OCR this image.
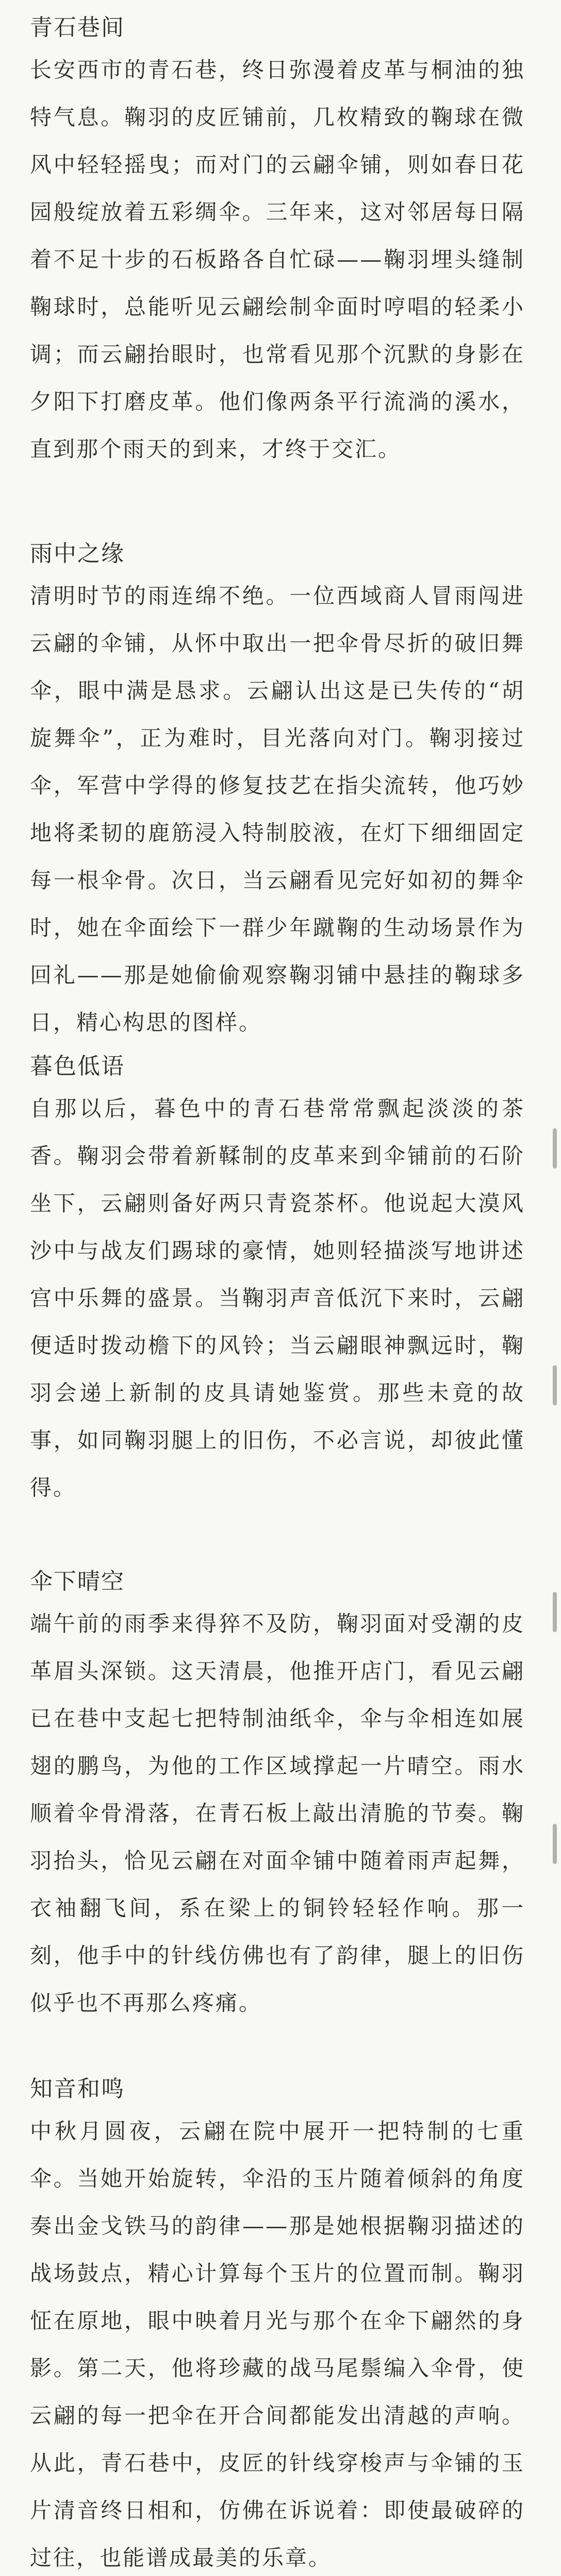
青石巷间

长安西市的青石巷，终日弥漫着皮革与桐油的独特气息。鞠羽的皮匠铺前，几枚精致的鞠球在微风中轻轻摇曳；而对门的云翩伞铺，则如春日花园般绽放着五彩绸伞。三年来，这对邻居每日隔着不足十步的石板路各自忙碌——鞠羽埋头缝制鞠球时，总能听见云翩绘制伞面时哼唱的轻柔小调；而云翩抬眼时，也常看见那个沉默的身影在夕阳下打磨皮革。他们像两条平行流淌的溪水，直到那个雨天的到来，才终于交汇。

雨中之缘

清明时节的雨连绵不绝。一位西域商人冒雨闯进云翩的伞铺，从怀中取出一把伞骨尽折的破旧舞伞，眼中满是恳求。云翩认出这是已失传的“胡旋舞伞”，正为难时，目光落向对门。鞠羽接过伞，军营中学得的修复技艺在指尖流转，他巧妙地将柔韧的鹿筋浸入特制胶液，在灯下细细固定每一根伞骨。次日，当云翩看见完好如初的舞伞时，她在伞面绘下一群少年蹴鞠的生动场景作为回礼——那是她偷偷观察鞠羽铺中悬挂的鞠球多日，精心构思的图样。

暮色低语

自那以后，暮色中的青石巷常常飘起淡淡的茶香。鞠羽会带着新鞣制的皮革来到伞铺前的石阶坐下，云翩则备好两只青瓷茶杯。他说起大漠风沙中与战友们踢球的豪情，她则轻描淡写地讲述宫中乐舞的盛景。当鞠羽声音低沉下来时，云翩便适时拨动檐下的风铃；当云翩眼神飘远时，鞠羽会递上新制的皮具请她鉴赏。那些未竟的故事，如同鞠羽腿上的旧伤，不必言说，却彼此懂得。

伞下晴空

端午前的雨季来得猝不及防，鞠羽面对受潮的皮革眉头深锁。这天清晨，他推开店门，看见云翩已在巷中支起七把特制油纸伞，伞与伞相连如展翅的鹏鸟，为他的工作区域撑起一片晴空。雨水顺着伞骨滑落，在青石板上敲出清脆的节奏。鞠羽抬头，恰见云翩在对面伞铺中随着雨声起舞，衣袖翻飞间，系在梁上的铜铃轻轻作响。那一刻，他手中的针线仿佛也有了韵律，腿上的旧伤似乎也不再那么疼痛。

知音和鸣

中秋月圆夜，云翩在院中展开一把特制的七重伞。当她开始旋转，伞沿的玉片随着倾斜的角度奏出金戈铁马的韵律——那是她根据鞠羽描述的战场鼓点，精心计算每个玉片的位置而制。鞠羽怔在原地，眼中映着月光与那个在伞下翩然的身影。第二天，他将珍藏的战马尾鬃编入伞骨，使云翩的每一把伞在开合间都能发出清越的声响。从此，青石巷中，皮匠的针线穿梭声与伞铺的玉片清音终日相和，仿佛在诉说着：即使最破碎的过往，也能谱成最美的乐章。
